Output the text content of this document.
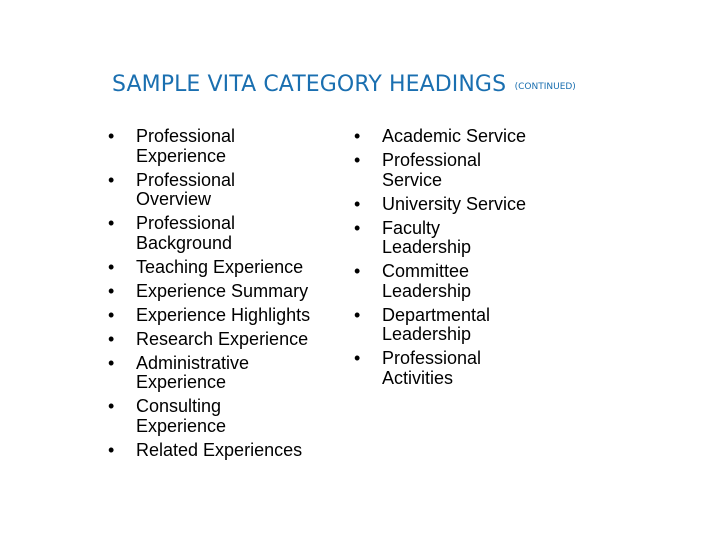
SAMPLE VITA CATEGORY HEADINGS (CONTINUED)
•	Professional
Experience
•	Professional
Overview
•	Professional
Background
•	Teaching Experience
•	Experience Summary
•	Experience Highlights
•	Research Experience
•	Administrative
Experience
•	Consulting
Experience
•	Related Experiences
•	Academic Service
•	Professional
Service
•	University Service
•	Faculty
Leadership
•	Committee
Leadership
•	Departmental
Leadership
•	Professional
Activities
